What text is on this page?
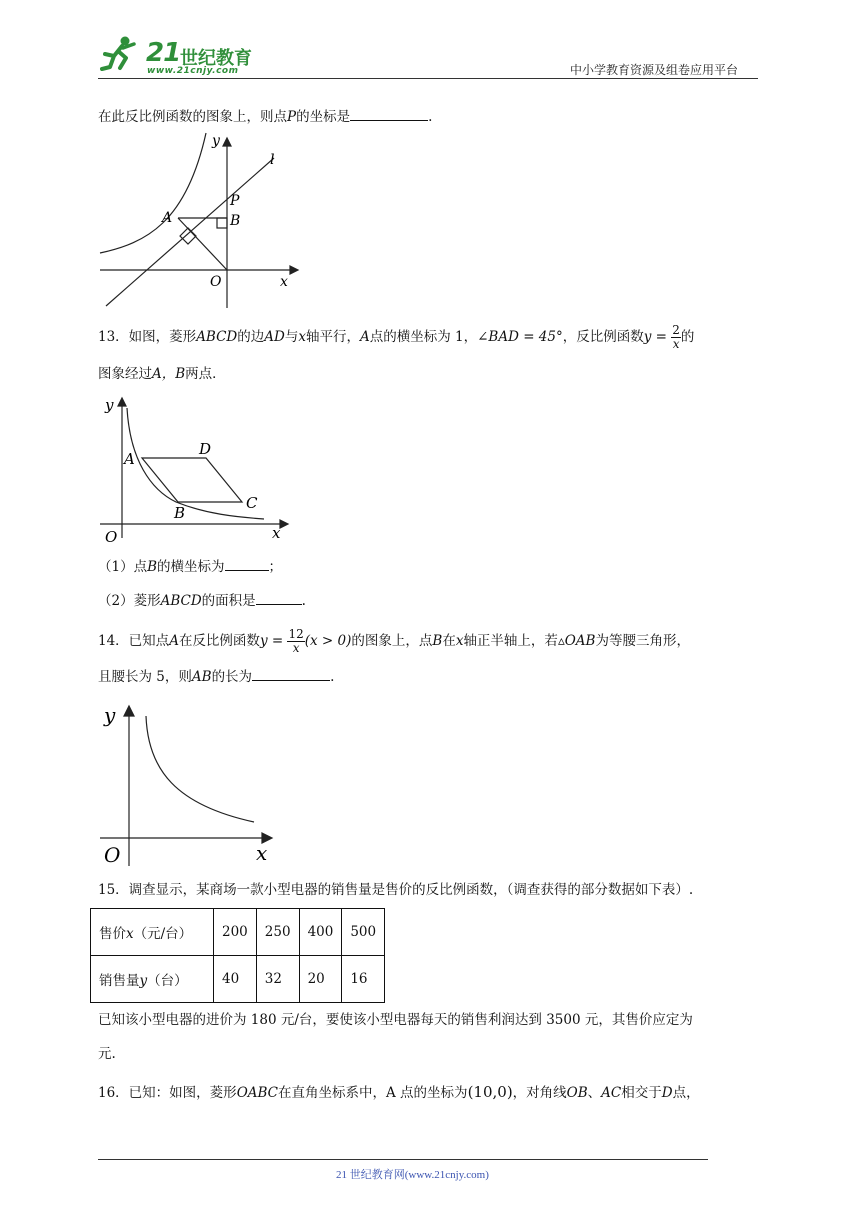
21 世纪教育
www.21cnjy.com	中小学教育资源及组卷应用平台
在此反比例函数的图象上，则点P的坐标是	.
y
l
P
A	B
O	x
13．如图，菱形ABCD的边AD与x轴平行，A点的横坐标为 1，∠BAD = 45°，反比例函数$y = \frac{2}{x}$ 的
图象经过A，B两点．
y
A
D
B
C
O	x
（1）点B的横坐标为	；
（2）菱形ABCD的面积是	.
14．已知点A在反比例函数$y = \frac{12}{x} (x > 0)$的图象上，点B在x轴正半轴上，若▵OAB为等腰三角形，
且腰长为 5，则AB的长为	.
y
O	x
15．调查显示，某商场一款小型电器的销售量是售价的反比例函数，（调查获得的部分数据如下表）.
售价x（元/台）	200	250	400	500
销售量y（台）	40	32	20	16
已知该小型电器的进价为 180 元/台，要使该小型电器每天的销售利润达到 3500 元，其售价应定为
元.
16．已知：如图，菱形OABC在直角坐标系中，A 点的坐标为(10,0)，对角线OB、AC相交于D点，
21 世纪教育网(www.21cnjy.com)
